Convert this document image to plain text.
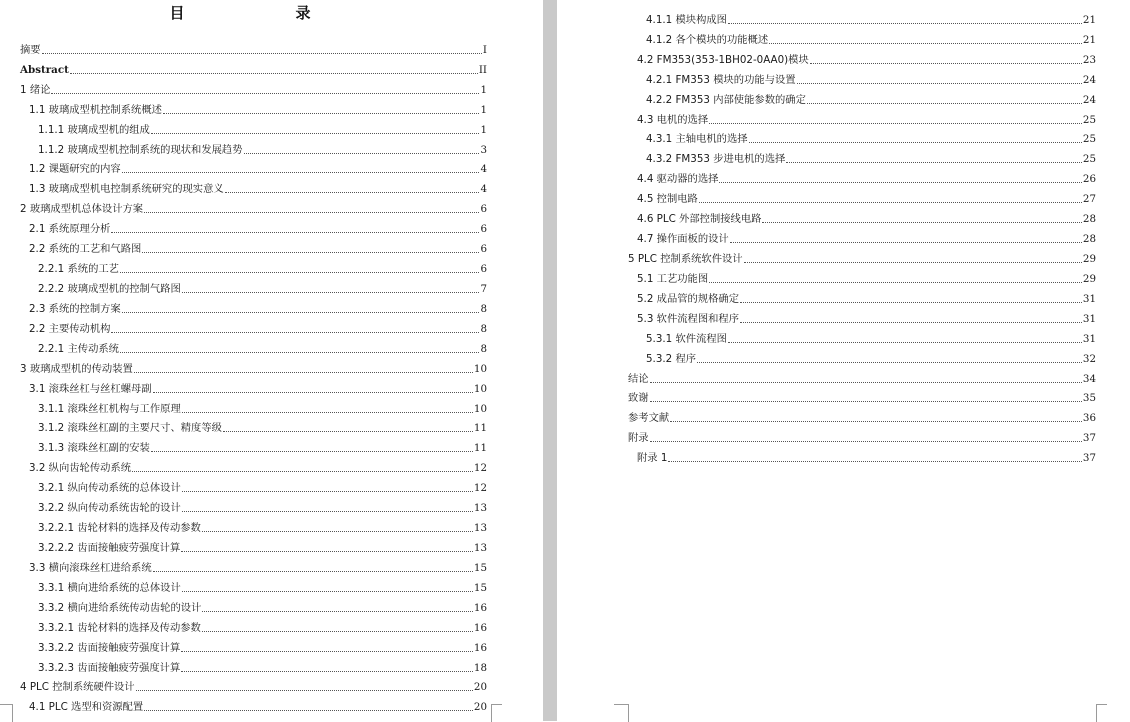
目　录
摘要	I
Abstract	II
1 绪论	1
1.1 玻璃成型机控制系统概述	1
1.1.1 玻璃成型机的组成	1
1.1.2 玻璃成型机控制系统的现状和发展趋势	3
1.2 课题研究的内容	4
1.3 玻璃成型机电控制系统研究的现实意义	4
2 玻璃成型机总体设计方案	6
2.1 系统原理分析	6
2.2 系统的工艺和气路图	6
2.2.1 系统的工艺	6
2.2.2 玻璃成型机的控制气路图	7
2.3 系统的控制方案	8
2.2 主要传动机构	8
2.2.1 主传动系统	8
3 玻璃成型机的传动装置	10
3.1 滚珠丝杠与丝杠螺母副	10
3.1.1 滚珠丝杠机构与工作原理	10
3.1.2 滚珠丝杠副的主要尺寸、精度等级	11
3.1.3 滚珠丝杠副的安装	11
3.2 纵向齿轮传动系统	12
3.2.1 纵向传动系统的总体设计	12
3.2.2 纵向传动系统齿轮的设计	13
3.2.2.1 齿轮材料的选择及传动参数	13
3.2.2.2 齿面接触疲劳强度计算	13
3.3 横向滚珠丝杠进给系统	15
3.3.1 横向进给系统的总体设计	15
3.3.2 横向进给系统传动齿轮的设计	16
3.3.2.1 齿轮材料的选择及传动参数	16
3.3.2.2 齿面接触疲劳强度计算	16
3.3.2.3 齿面接触疲劳强度计算	18
4 PLC 控制系统硬件设计	20
4.1 PLC 选型和资源配置	20
4.1.1 模块构成图	21
4.1.2 各个模块的功能概述	21
4.2 FM353(353-1BH02-0AA0)模块	23
4.2.1 FM353 模块的功能与设置	24
4.2.2 FM353 内部使能参数的确定	24
4.3 电机的选择	25
4.3.1 主轴电机的选择	25
4.3.2 FM353 步进电机的选择	25
4.4 驱动器的选择	26
4.5 控制电路	27
4.6 PLC 外部控制接线电路	28
4.7 操作面板的设计	28
5 PLC 控制系统软件设计	29
5.1 工艺功能图	29
5.2 成品管的规格确定	31
5.3 软件流程图和程序	31
5.3.1 软件流程图	31
5.3.2 程序	32
结论	34
致谢	35
参考文献	36
附录	37
附录 1	37
